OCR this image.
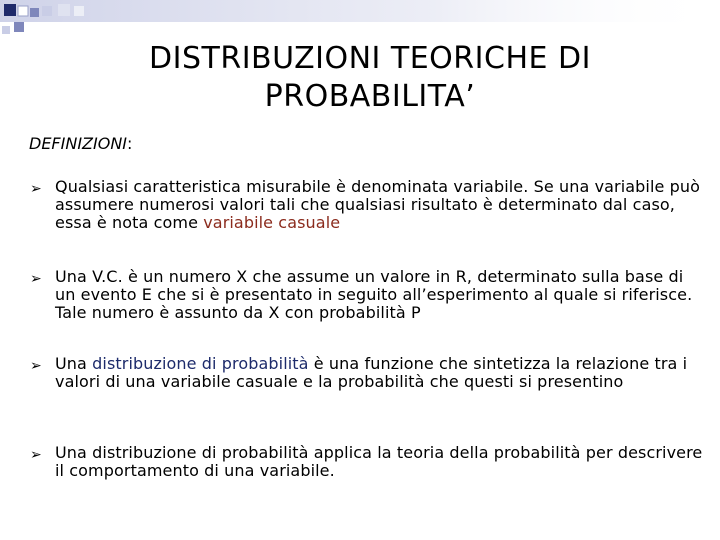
DISTRIBUZIONI TEORICHE DI
PROBABILITA’
DEFINIZIONI:
➢ Qualsiasi caratteristica misurabile è denominata variabile. Se una variabile può assumere numerosi valori tali che qualsiasi risultato è determinato dal caso, essa è nota come variabile casuale
➢ Una V.C. è un numero X che assume un valore in R, determinato sulla base di un evento E che si è presentato in seguito all’esperimento al quale si riferisce. Tale numero è assunto da X con probabilità P
➢ Una distribuzione di probabilità è una funzione che sintetizza la relazione tra i valori di una variabile casuale e la probabilità che questi si presentino
➢ Una distribuzione di probabilità applica la teoria della probabilità per descrivere il comportamento di una variabile.
